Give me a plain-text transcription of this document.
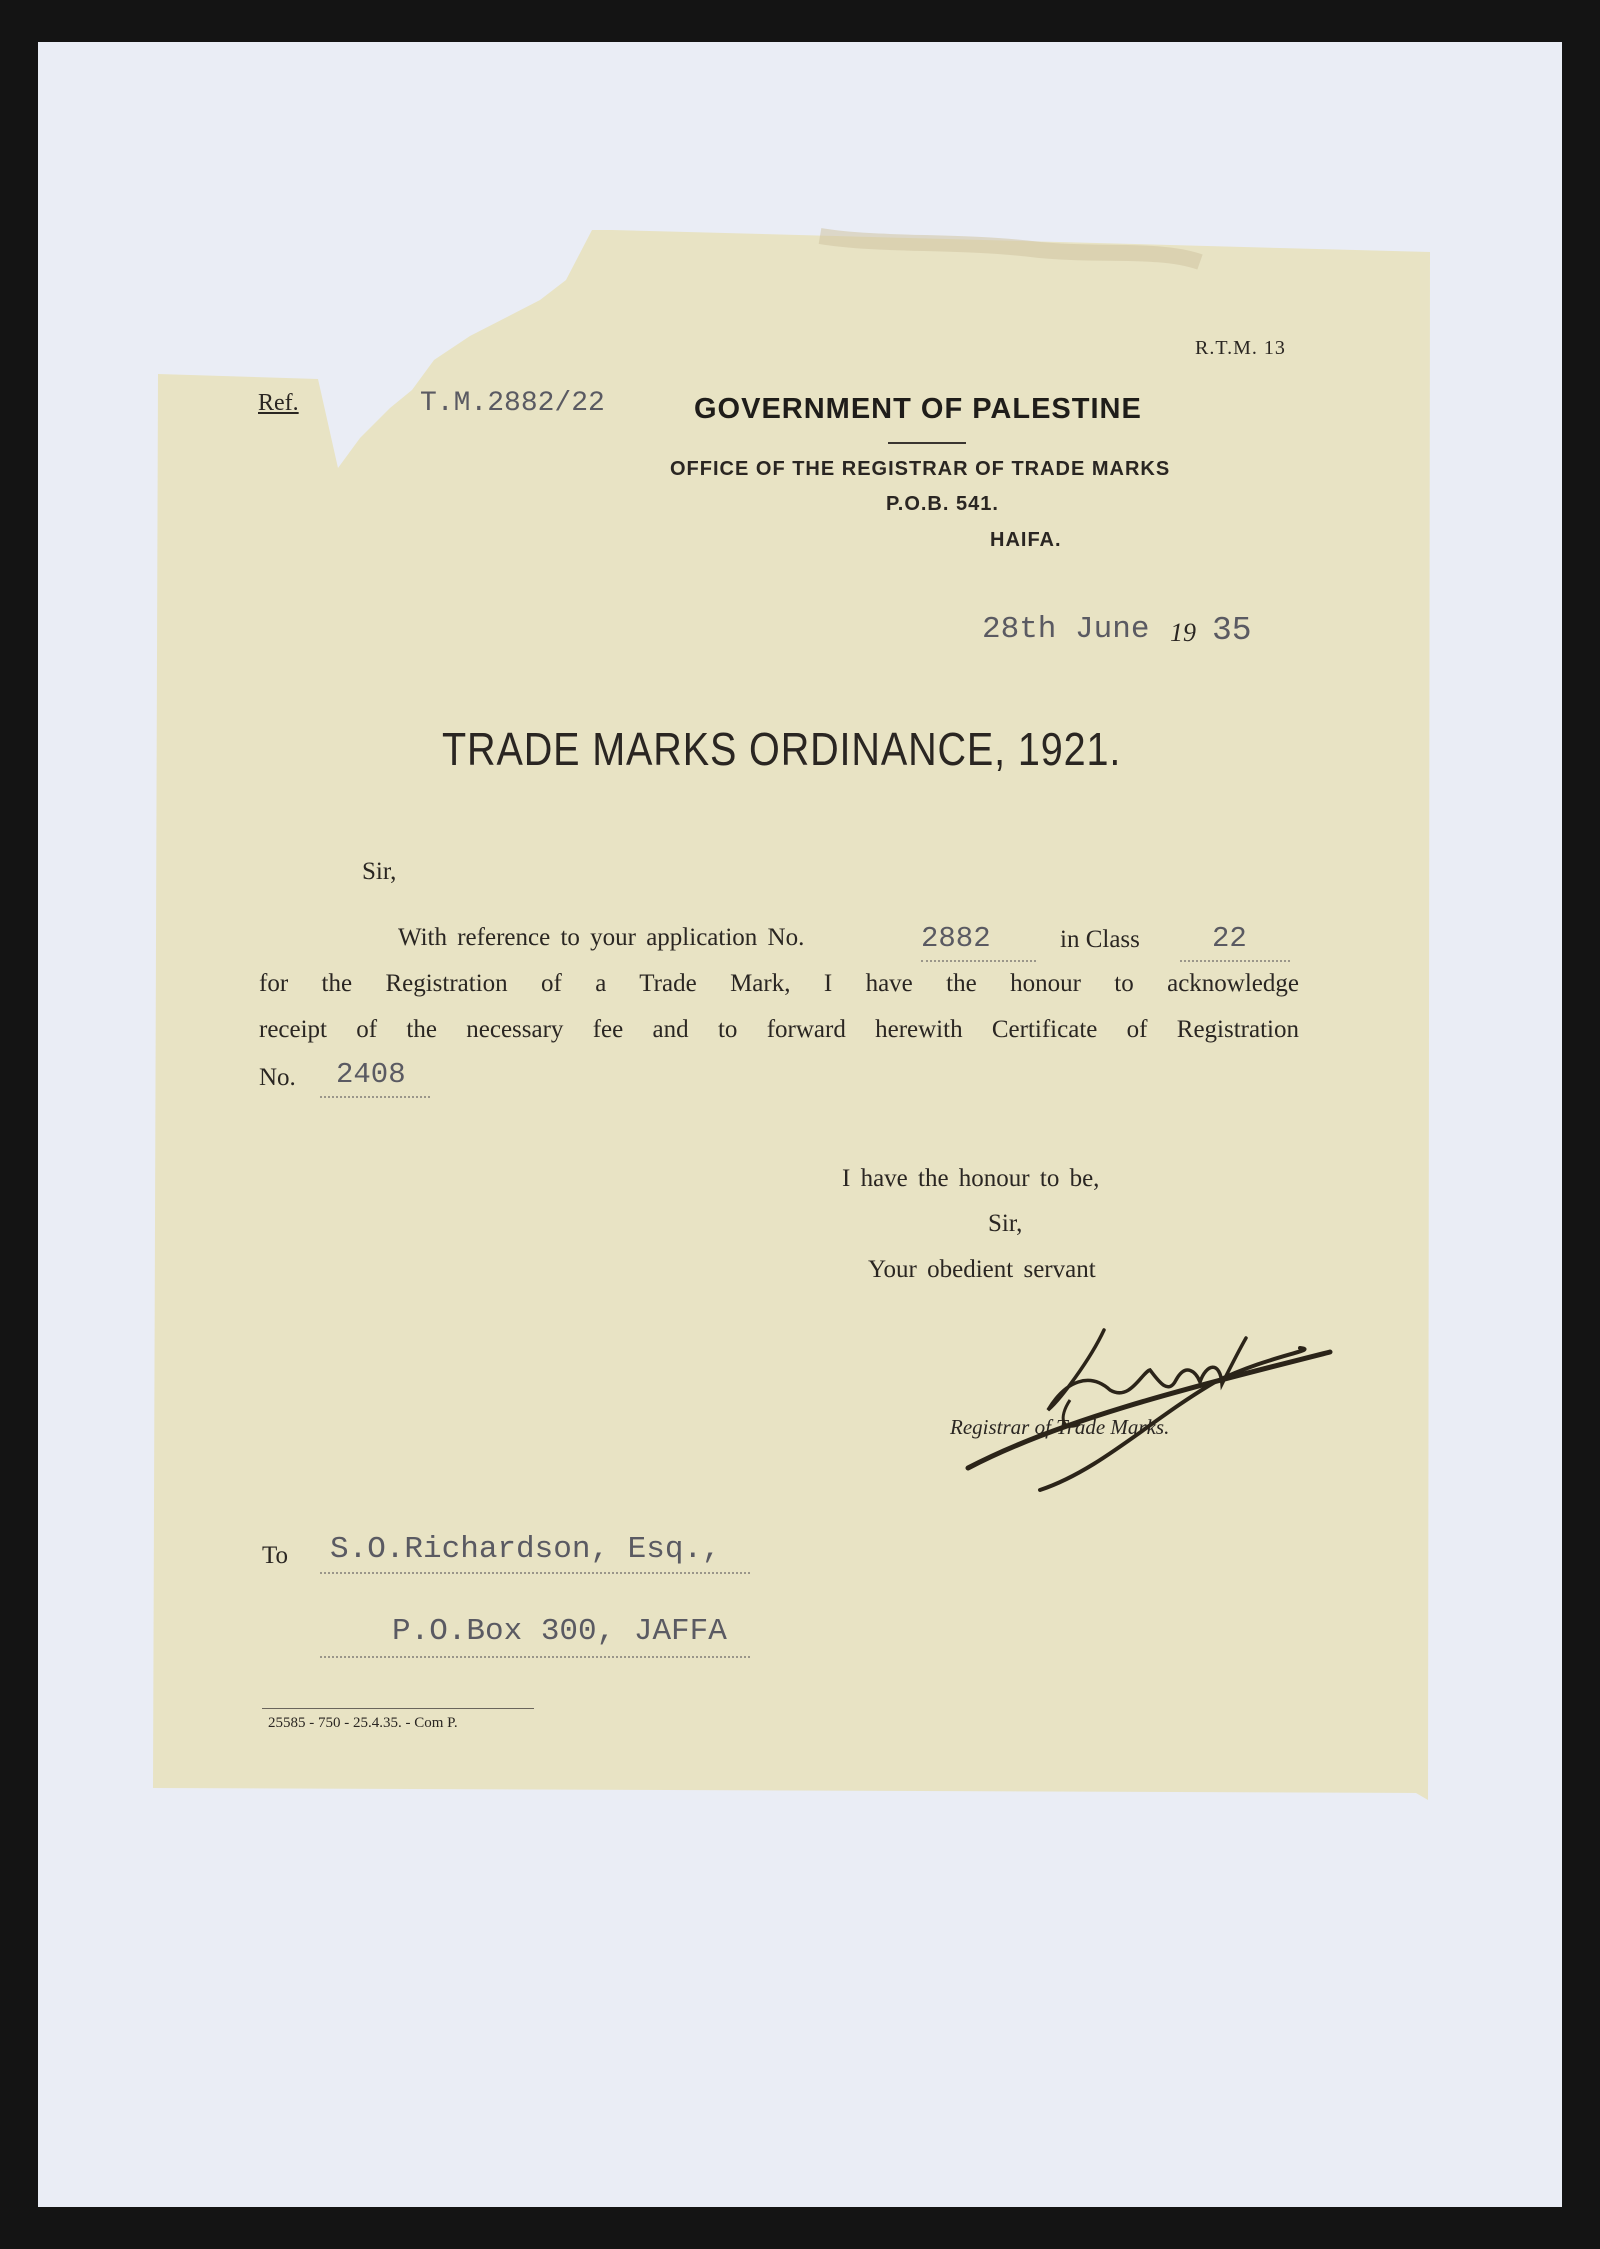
R.T.M. 13
Ref.	T.M.2882/22	GOVERNMENT OF PALESTINE
OFFICE OF THE REGISTRAR OF TRADE MARKS
P.O.B. 541.
HAIFA.
28th June 19 35
TRADE MARKS ORDINANCE, 1921.
Sir,
With reference to your application No.	2882	in Class 22
for the Registration of a Trade Mark, I have the honour to acknowledge
receipt of the necessary fee and to forward herewith Certificate of Registration
No. 2408
I have the honour to be,
Sir,
Your obedient servant
Registrar of Trade Marks.
To S.O.Richardson, Esq.,
P.O.Box 300, JAFFA
25585 - 750 - 25.4.35. - Com P.
